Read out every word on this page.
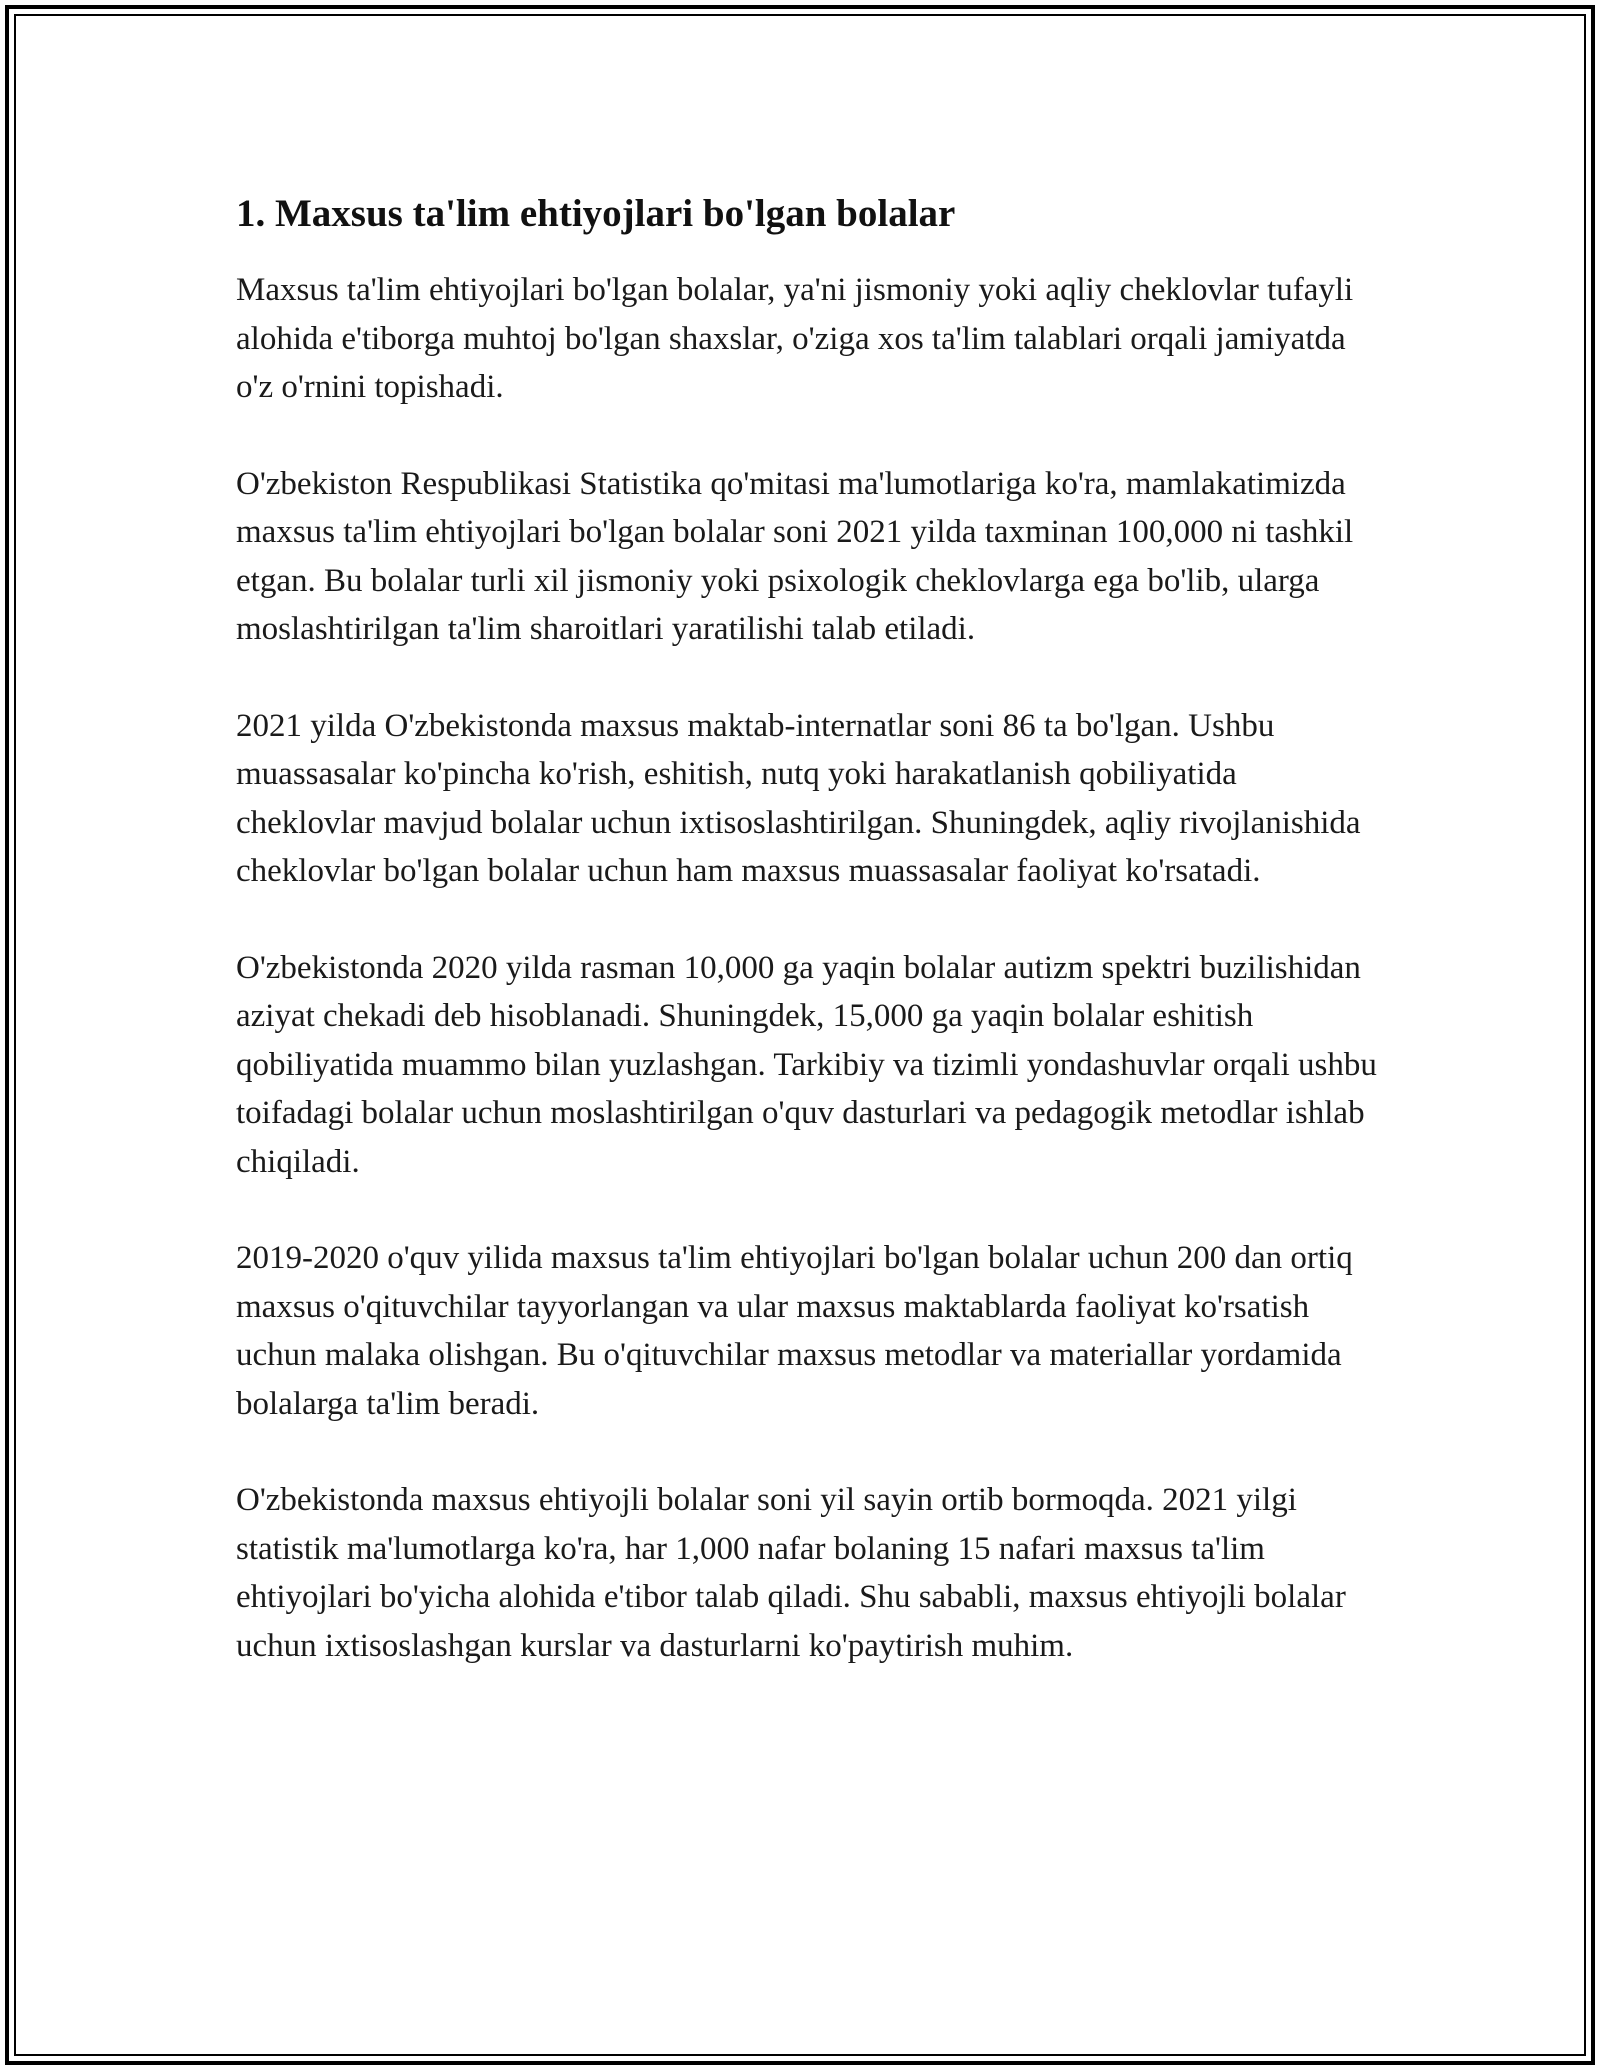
1. Maxsus ta'lim ehtiyojlari bo'lgan bolalar

Maxsus ta'lim ehtiyojlari bo'lgan bolalar, ya'ni jismoniy yoki aqliy cheklovlar tufayli alohida e'tiborga muhtoj bo'lgan shaxslar, o'ziga xos ta'lim talablari orqali jamiyatda o'z o'rnini topishadi.

O'zbekiston Respublikasi Statistika qo'mitasi ma'lumotlariga ko'ra, mamlakatimizda maxsus ta'lim ehtiyojlari bo'lgan bolalar soni 2021 yilda taxminan 100,000 ni tashkil etgan. Bu bolalar turli xil jismoniy yoki psixologik cheklovlarga ega bo'lib, ularga moslashtirilgan ta'lim sharoitlari yaratilishi talab etiladi.

2021 yilda O'zbekistonda maxsus maktab-internatlar soni 86 ta bo'lgan. Ushbu muassasalar ko'pincha ko'rish, eshitish, nutq yoki harakatlanish qobiliyatida cheklovlar mavjud bolalar uchun ixtisoslashtirilgan. Shuningdek, aqliy rivojlanishida cheklovlar bo'lgan bolalar uchun ham maxsus muassasalar faoliyat ko'rsatadi.

O'zbekistonda 2020 yilda rasman 10,000 ga yaqin bolalar autizm spektri buzilishidan aziyat chekadi deb hisoblanadi. Shuningdek, 15,000 ga yaqin bolalar eshitish qobiliyatida muammo bilan yuzlashgan. Tarkibiy va tizimli yondashuvlar orqali ushbu toifadagi bolalar uchun moslashtirilgan o'quv dasturlari va pedagogik metodlar ishlab chiqiladi.

2019-2020 o'quv yilida maxsus ta'lim ehtiyojlari bo'lgan bolalar uchun 200 dan ortiq maxsus o'qituvchilar tayyorlangan va ular maxsus maktablarda faoliyat ko'rsatish uchun malaka olishgan. Bu o'qituvchilar maxsus metodlar va materiallar yordamida bolalarga ta'lim beradi.

O'zbekistonda maxsus ehtiyojli bolalar soni yil sayin ortib bormoqda. 2021 yilgi statistik ma'lumotlarga ko'ra, har 1,000 nafar bolaning 15 nafari maxsus ta'lim ehtiyojlari bo'yicha alohida e'tibor talab qiladi. Shu sababli, maxsus ehtiyojli bolalar uchun ixtisoslashgan kurslar va dasturlarni ko'paytirish muhim.
